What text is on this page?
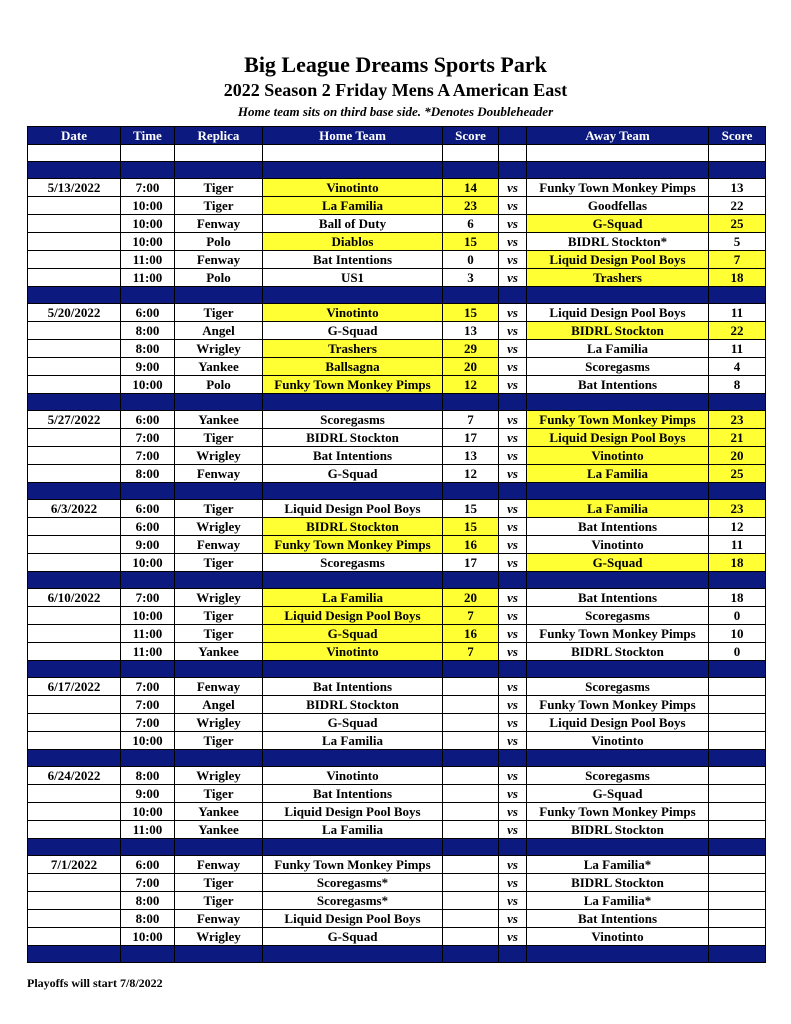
Big League Dreams Sports Park
2022 Season 2 Friday Mens A American East
Home team sits on third base side. *Denotes Doubleheader
Date	Time	Replica	Home Team	Score		Away Team	Score

5/13/2022	7:00	Tiger	Vinotinto	14	vs	Funky Town Monkey Pimps	13
	10:00	Tiger	La Familia	23	vs	Goodfellas	22
	10:00	Fenway	Ball of Duty	6	vs	G-Squad	25
	10:00	Polo	Diablos	15	vs	BIDRL Stockton*	5
	11:00	Fenway	Bat Intentions	0	vs	Liquid Design Pool Boys	7
	11:00	Polo	US1	3	vs	Trashers	18

5/20/2022	6:00	Tiger	Vinotinto	15	vs	Liquid Design Pool Boys	11
	8:00	Angel	G-Squad	13	vs	BIDRL Stockton	22
	8:00	Wrigley	Trashers	29	vs	La Familia	11
	9:00	Yankee	Ballsagna	20	vs	Scoregasms	4
	10:00	Polo	Funky Town Monkey Pimps	12	vs	Bat Intentions	8

5/27/2022	6:00	Yankee	Scoregasms	7	vs	Funky Town Monkey Pimps	23
	7:00	Tiger	BIDRL Stockton	17	vs	Liquid Design Pool Boys	21
	7:00	Wrigley	Bat Intentions	13	vs	Vinotinto	20
	8:00	Fenway	G-Squad	12	vs	La Familia	25

6/3/2022	6:00	Tiger	Liquid Design Pool Boys	15	vs	La Familia	23
	6:00	Wrigley	BIDRL Stockton	15	vs	Bat Intentions	12
	9:00	Fenway	Funky Town Monkey Pimps	16	vs	Vinotinto	11
	10:00	Tiger	Scoregasms	17	vs	G-Squad	18

6/10/2022	7:00	Wrigley	La Familia	20	vs	Bat Intentions	18
	10:00	Tiger	Liquid Design Pool Boys	7	vs	Scoregasms	0
	11:00	Tiger	G-Squad	16	vs	Funky Town Monkey Pimps	10
	11:00	Yankee	Vinotinto	7	vs	BIDRL Stockton	0

6/17/2022	7:00	Fenway	Bat Intentions		vs	Scoregasms	
	7:00	Angel	BIDRL Stockton		vs	Funky Town Monkey Pimps	
	7:00	Wrigley	G-Squad		vs	Liquid Design Pool Boys	
	10:00	Tiger	La Familia		vs	Vinotinto	

6/24/2022	8:00	Wrigley	Vinotinto		vs	Scoregasms	
	9:00	Tiger	Bat Intentions		vs	G-Squad	
	10:00	Yankee	Liquid Design Pool Boys		vs	Funky Town Monkey Pimps	
	11:00	Yankee	La Familia		vs	BIDRL Stockton	

7/1/2022	6:00	Fenway	Funky Town Monkey Pimps		vs	La Familia*	
	7:00	Tiger	Scoregasms*		vs	BIDRL Stockton	
	8:00	Tiger	Scoregasms*		vs	La Familia*	
	8:00	Fenway	Liquid Design Pool Boys		vs	Bat Intentions	
	10:00	Wrigley	G-Squad		vs	Vinotinto	

Playoffs will start 7/8/2022
